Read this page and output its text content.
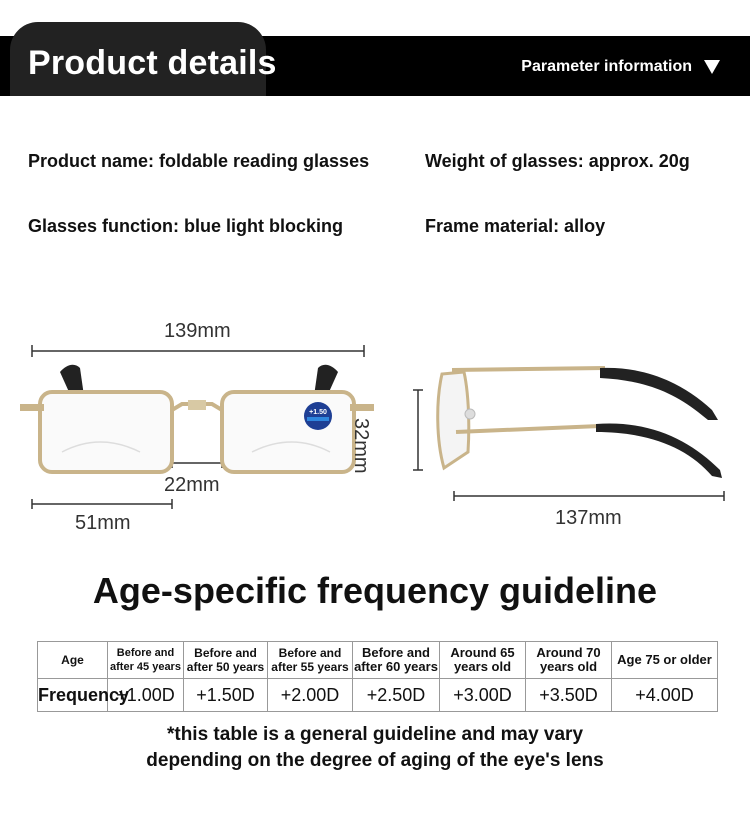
Product details	Parameter information
Product name: foldable reading glasses	Weight of glasses: approx. 20g
Glasses function: blue light blocking	Frame material: alloy
+1.50
139mm
22mm
51mm
32mm
137mm
Age-specific frequency guideline
Age	Before and after 45 years	Before and after 50 years	Before and after 55 years	Before and after 60 years	Around 65 years old	Around 70 years old	Age 75 or older
Frequency	+1.00D	+1.50D	+2.00D	+2.50D	+3.00D	+3.50D	+4.00D
*this table is a general guideline and may vary
depending on the degree of aging of the eye's lens
